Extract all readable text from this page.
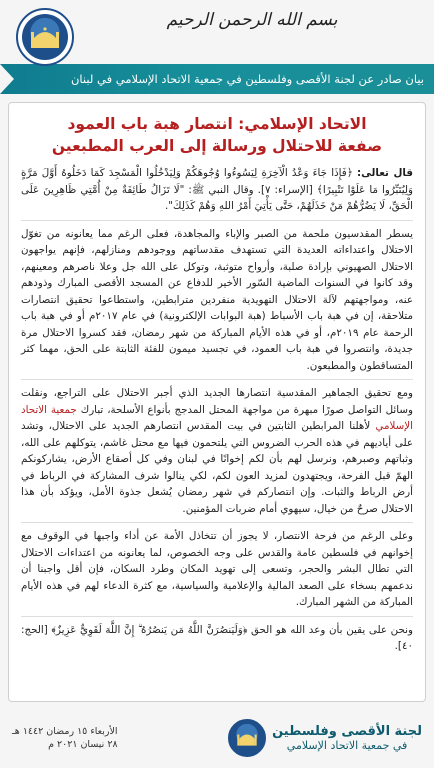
بسم الله الرحمن الرحيم
بيان صادر عن لجنة الأقصى وفلسطين في جمعية الاتحاد الإسلامي في لبنان
الاتحاد الإسلامي: انتصار هبة باب العمود
صفعة للاحتلال ورسالة إلى العرب المطبعين

قال تعالى: ﴿فَإِذَا جَاءَ وَعْدُ الْآخِرَةِ لِيَسُوءُوا وُجُوهَكُمْ وَلِيَدْخُلُوا الْمَسْجِدَ كَمَا دَخَلُوهُ أَوَّلَ مَرَّةٍ وَلِيُتَبِّرُوا مَا عَلَوْا تَتْبِيرًا﴾ [الإسراء: ٧]. وقال النبي ﷺ: "لَا تَزَالُ طَائِفَةٌ مِنْ أُمَّتِي ظَاهِرِينَ عَلَى الْحَقِّ، لَا يَضُرُّهُمْ مَنْ خَذَلَهُمْ، حَتَّى يَأْتِيَ أَمْرُ اللهِ وَهُمْ كَذَلِكَ".

يسطر المقدسيون ملحمة من الصبر والإباء والمجاهدة، فعلى الرغم مما يعانونه من تغوّل الاحتلال واعتداءاته العديدة التي تستهدف مقدساتهم ووجودهم ومنازلهم، فإنهم يواجهون الاحتلال الصهيوني بإرادة صلبة، وأرواح متوثبة، وتوكل على الله جل وعلا ناصرهم ومعينهم، وقد كانوا في السنوات الماضية السّور الأخير للدفاع عن المسجد الأقصى المبارك وذودهم عنه، ومواجهتهم لآلة الاحتلال التهويدية منفردين مترابطين، واستطاعوا تحقيق انتصارات متلاحقة، إن في هبة باب الأسباط (هبة البوابات الإلكترونية) في عام ٢٠١٧م أو في هبة باب الرحمة عام ٢٠١٩م، أو في هذه الأيام المباركة من شهر رمضان، فقد كسروا الاحتلال مرة جديدة، وانتصروا في هبة باب العمود، في تجسيد ميمون للفئة الثابتة على الحق، مهما كثر المتساقطون والمطبعون.

ومع تحقيق الجماهير المقدسية انتصارها الجديد الذي أجبر الاحتلال على التراجع، ونقلت وسائل التواصل صورًا مبهرة من مواجهة المحتل المدجج بأنواع الأسلحة، تبارك جمعية الاتحاد الإسلامي لأهلنا المرابطين الثابتين في بيت المقدس انتصارهم الجديد على الاحتلال، وتشد على أياديهم في هذه الحرب الضروس التي يلتحمون فيها مع محتل غاشم، يتوكلهم على الله، وثباتهم وصبرهم، ونرسل لهم بأن لكم إخوانًا في لبنان وفي كل أصقاع الأرض، يشاركونكم الهمّ قبل الفرحة، ويجتهدون لمزيد العون لكم، لكي ينالوا شرف المشاركة في الرباط في أرض الرباط والثبات. وإن انتصاركم في شهر رمضان يُشعل جذوة الأمل، ويؤكد بأن هذا الاحتلال صرحٌ من خيال، سيهوي أمام ضربات المؤمنين.

وعلى الرغم من فرحة الانتصار، لا يجوز أن تتخاذل الأمة عن أداء واجبها في الوقوف مع إخوانهم في فلسطين عامة والقدس على وجه الخصوص، لما يعانونه من اعتداءات الاحتلال التي تطال البشر والحجر، وتسعى إلى تهويد المكان وطرد السكان، فإن أقل واجبنا أن ندعمهم بسخاء على الصعد المالية والإعلامية والسياسية، مع كثرة الدعاء لهم في هذه الأيام المباركة من الشهر المبارك.

ونحن على يقين بأن وعد الله هو الحق ﴿وَلَيَنصُرَنَّ اللَّهُ مَن يَنصُرُهُ ۗ إِنَّ اللَّهَ لَقَوِيٌّ عَزِيزٌ﴾ [الحج: ٤٠].

لجنة الأقصى وفلسطين
في جمعية الاتحاد الإسلامي
الأربعاء ١٥ رمضان ١٤٤٢ هـ
٢٨ نيسان ٢٠٢١ م
